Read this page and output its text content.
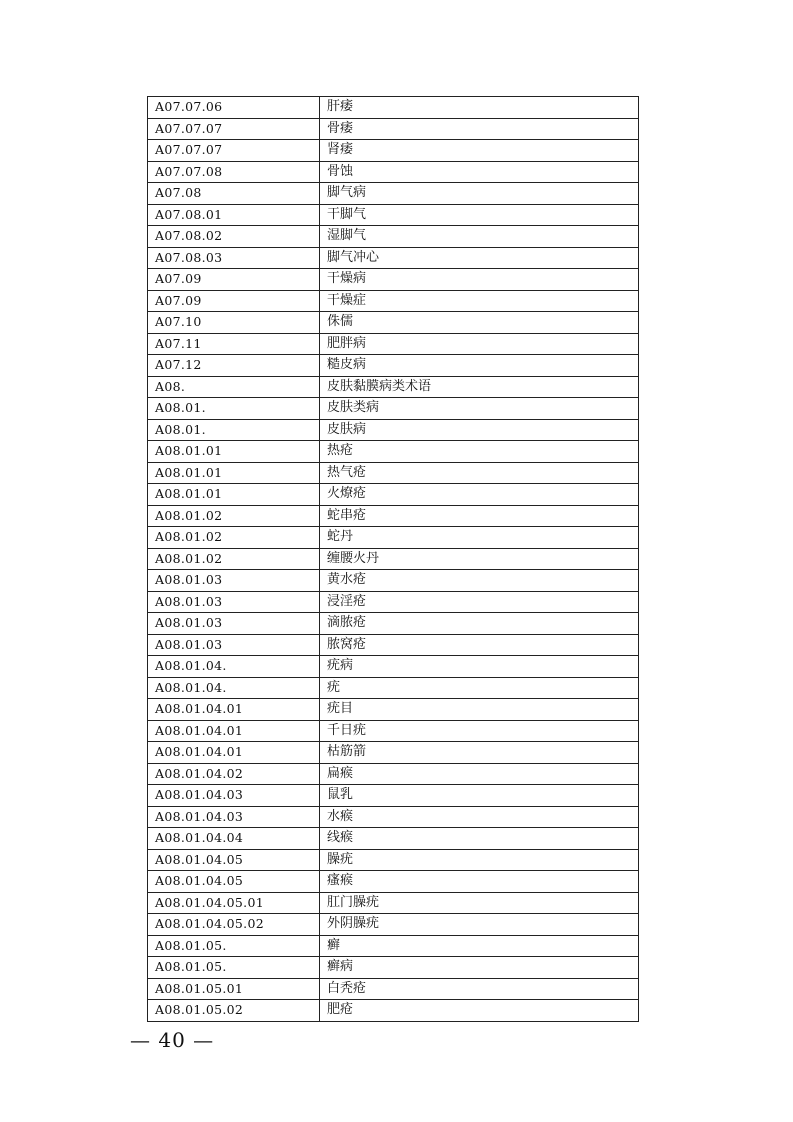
A07.07.06	肝痿
A07.07.07	骨痿
A07.07.07	肾痿
A07.07.08	骨蚀
A07.08	脚气病
A07.08.01	干脚气
A07.08.02	湿脚气
A07.08.03	脚气冲心
A07.09	干燥病
A07.09	干燥症
A07.10	侏儒
A07.11	肥胖病
A07.12	糙皮病
A08.	皮肤黏膜病类术语
A08.01.	皮肤类病
A08.01.	皮肤病
A08.01.01	热疮
A08.01.01	热气疮
A08.01.01	火燎疮
A08.01.02	蛇串疮
A08.01.02	蛇丹
A08.01.02	缠腰火丹
A08.01.03	黄水疮
A08.01.03	浸淫疮
A08.01.03	滴脓疮
A08.01.03	脓窝疮
A08.01.04.	疣病
A08.01.04.	疣
A08.01.04.01	疣目
A08.01.04.01	千日疣
A08.01.04.01	枯筋箭
A08.01.04.02	扁瘊
A08.01.04.03	鼠乳
A08.01.04.03	水瘊
A08.01.04.04	线瘊
A08.01.04.05	臊疣
A08.01.04.05	瘙瘊
A08.01.04.05.01	肛门臊疣
A08.01.04.05.02	外阴臊疣
A08.01.05.	癣
A08.01.05.	癣病
A08.01.05.01	白秃疮
A08.01.05.02	肥疮
— 40 —
